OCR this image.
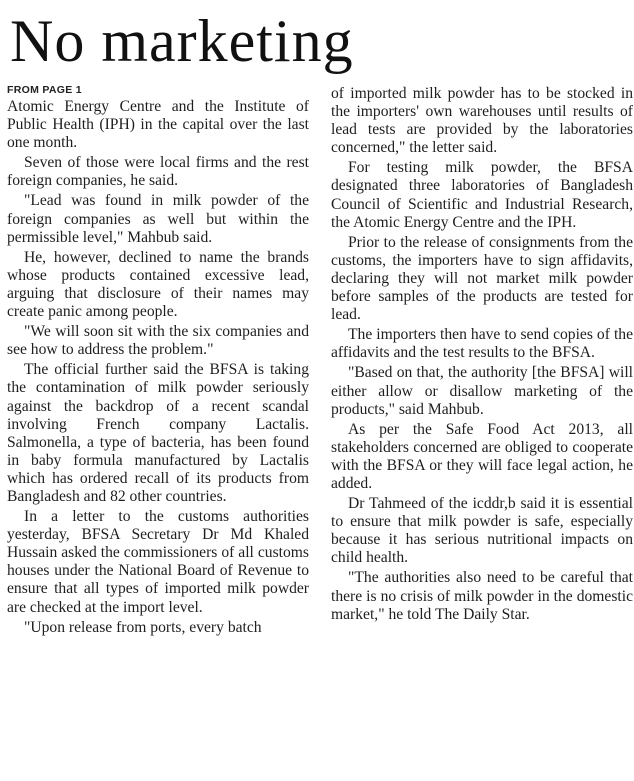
No marketing
FROM PAGE 1

Atomic Energy Centre and the Institute of Public Health (IPH) in the capital over the last one month.

Seven of those were local firms and the rest foreign companies, he said.

"Lead was found in milk powder of the foreign companies as well but within the permissible level," Mahbub said.

He, however, declined to name the brands whose products contained excessive lead, arguing that disclosure of their names may create panic among people.

"We will soon sit with the six companies and see how to address the problem."

The official further said the BFSA is taking the contamination of milk powder seriously against the backdrop of a recent scandal involving French company Lactalis. Salmonella, a type of bacteria, has been found in baby formula manufactured by Lactalis which has ordered recall of its products from Bangladesh and 82 other countries.

In a letter to the customs authorities yesterday, BFSA Secretary Dr Md Khaled Hussain asked the commissioners of all customs houses under the National Board of Revenue to ensure that all types of imported milk powder are checked at the import level.

"Upon release from ports, every batch

of imported milk powder has to be stocked in the importers' own warehouses until results of lead tests are provided by the laboratories concerned," the letter said.

For testing milk powder, the BFSA designated three laboratories of Bangladesh Council of Scientific and Industrial Research, the Atomic Energy Centre and the IPH.

Prior to the release of consignments from the customs, the importers have to sign affidavits, declaring they will not market milk powder before samples of the products are tested for lead.

The importers then have to send copies of the affidavits and the test results to the BFSA.

"Based on that, the authority [the BFSA] will either allow or disallow marketing of the products," said Mahbub.

As per the Safe Food Act 2013, all stakeholders concerned are obliged to cooperate with the BFSA or they will face legal action, he added.

Dr Tahmeed of the icddr,b said it is essential to ensure that milk powder is safe, especially because it has serious nutritional impacts on child health.

"The authorities also need to be careful that there is no crisis of milk powder in the domestic market," he told The Daily Star.
